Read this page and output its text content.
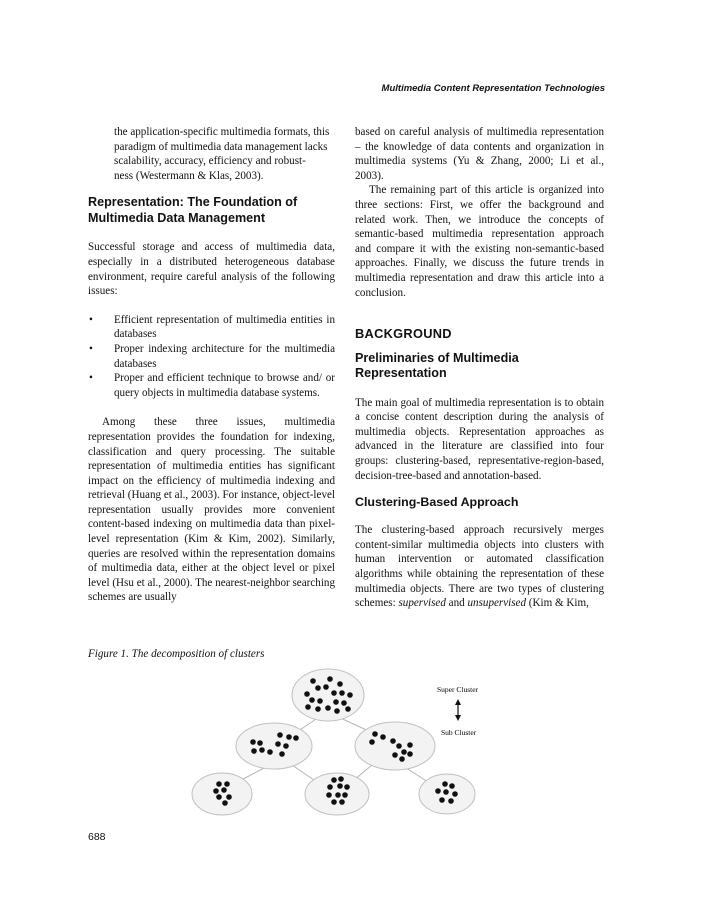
Multimedia Content Representation Technologies

the application-specific multimedia formats, this

paradigm of multimedia data management lacks

scalability, accuracy, efficiency and robust-

ness (Westermann & Klas, 2003).

Representation: The Foundation of
Multimedia Data Management

Successful storage and access of multimedia data, especially in a distributed heterogeneous database environment, require careful analysis of the following issues:

• Efficient representation of multimedia entities in databases
• Proper indexing architecture for the multimedia databases
• Proper and efficient technique to browse and/ or query objects in multimedia database systems.

Among these three issues, multimedia representation provides the foundation for indexing, classification and query processing. The suitable representation of multimedia entities has significant impact on the efficiency of multimedia indexing and retrieval (Huang et al., 2003). For instance, object-level representation usually provides more convenient content-based indexing on multimedia data than pixel-level representation (Kim & Kim, 2002). Similarly, queries are resolved within the representation domains of multimedia data, either at the object level or pixel level (Hsu et al., 2000). The nearest-neighbor searching schemes are usually

based on careful analysis of multimedia representation – the knowledge of data contents and organization in multimedia systems (Yu & Zhang, 2000; Li et al., 2003).

The remaining part of this article is organized into three sections: First, we offer the background and related work. Then, we introduce the concepts of semantic-based multimedia representation approach and compare it with the existing non-semantic-based approaches. Finally, we discuss the future trends in multimedia representation and draw this article into a conclusion.

BACKGROUND
Preliminaries of Multimedia
Representation

The main goal of multimedia representation is to obtain a concise content description during the analysis of multimedia objects. Representation approaches as advanced in the literature are classified into four groups: clustering-based, representative-region-based, decision-tree-based and annotation-based.

Clustering-Based Approach

The clustering-based approach recursively merges content-similar multimedia objects into clusters with human intervention or automated classification algorithms while obtaining the representation of these multimedia objects. There are two types of clustering schemes: supervised and unsupervised (Kim & Kim,

Figure 1. The decomposition of clusters
Super Cluster
Sub Cluster
688
